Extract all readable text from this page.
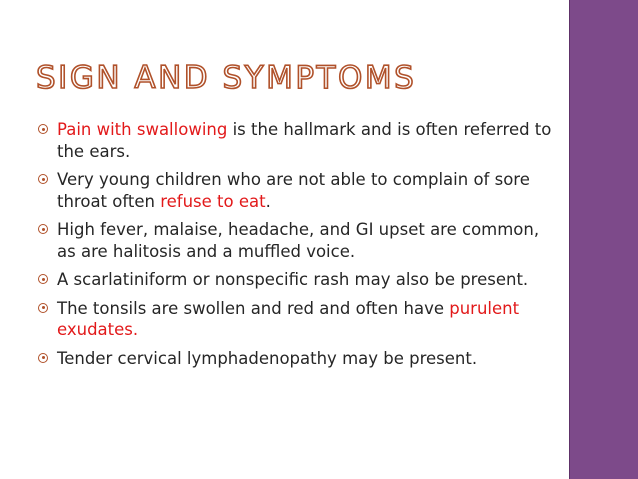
SIGN AND SYMPTOMS
Pain with swallowing is the hallmark and is often referred to the ears.
Very young children who are not able to complain of sore throat often refuse to eat.
High fever, malaise, headache, and GI upset are common, as are halitosis and a muffled voice.
A scarlatiniform or nonspecific rash may also be present.
The tonsils are swollen and red and often have purulent exudates.
Tender cervical lymphadenopathy may be present.
